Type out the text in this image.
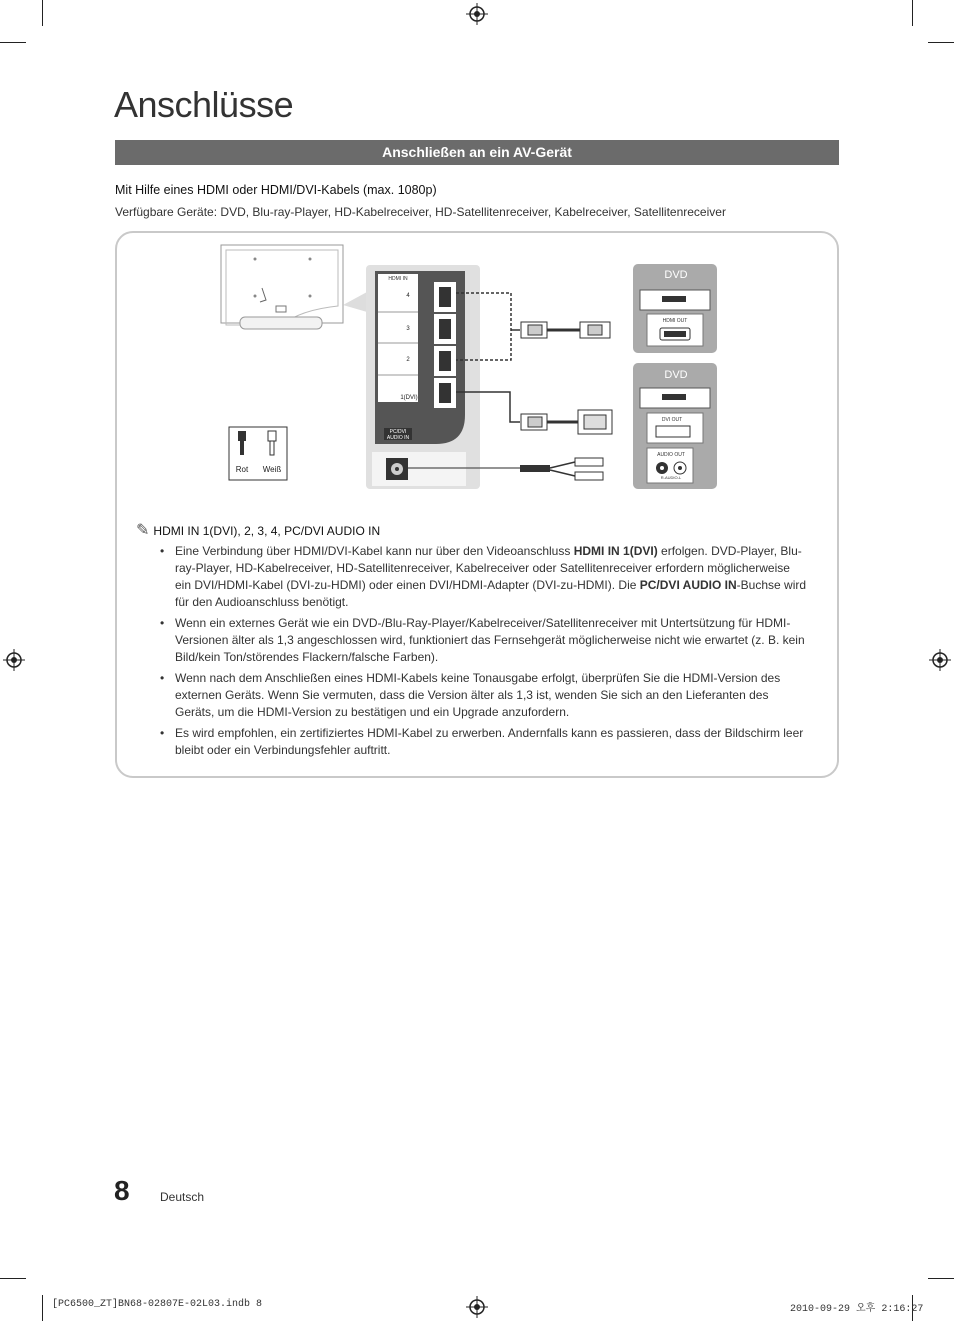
Anschlüsse
Anschließen an ein AV-Gerät
Mit Hilfe eines HDMI oder HDMI/DVI-Kabels (max. 1080p)
Verfügbare Geräte: DVD, Blu-ray-Player, HD-Kabelreceiver, HD-Satellitenreceiver, Kabelreceiver, Satellitenreceiver
HDMI IN
4
3
2
1(DVI)
PC/DVI
AUDIO IN
Rot Weiß
DVD
HDMI OUT
DVD
DVI OUT
AUDIO OUT
R-AUDIO-L
✎ HDMI IN 1(DVI), 2, 3, 4, PC/DVI AUDIO IN
• Eine Verbindung über HDMI/DVI-Kabel kann nur über den Videoanschluss HDMI IN 1(DVI) erfolgen. DVD-Player, Blu-ray-Player, HD-Kabelreceiver, HD-Satellitenreceiver, Kabelreceiver oder Satellitenreceiver erfordern möglicherweise ein DVI/HDMI-Kabel (DVI-zu-HDMI) oder einen DVI/HDMI-Adapter (DVI-zu-HDMI). Die PC/DVI AUDIO IN-Buchse wird für den Audioanschluss benötigt.
• Wenn ein externes Gerät wie ein DVD-/Blu-Ray-Player/Kabelreceiver/Satellitenreceiver mit Untertsützung für HDMI-Versionen älter als 1,3 angeschlossen wird, funktioniert das Fernsehgerät möglicherweise nicht wie erwartet (z. B. kein Bild/kein Ton/störendes Flackern/falsche Farben).
• Wenn nach dem Anschließen eines HDMI-Kabels keine Tonausgabe erfolgt, überprüfen Sie die HDMI-Version des externen Geräts. Wenn Sie vermuten, dass die Version älter als 1,3 ist, wenden Sie sich an den Lieferanten des Geräts, um die HDMI-Version zu bestätigen und ein Upgrade anzufordern.
• Es wird empfohlen, ein zertifiziertes HDMI-Kabel zu erwerben. Andernfalls kann es passieren, dass der Bildschirm leer bleibt oder ein Verbindungsfehler auftritt.
8	Deutsch
[PC6500_ZT]BN68-02807E-02L03.indb 8	2010-09-29 오후 2:16:27
